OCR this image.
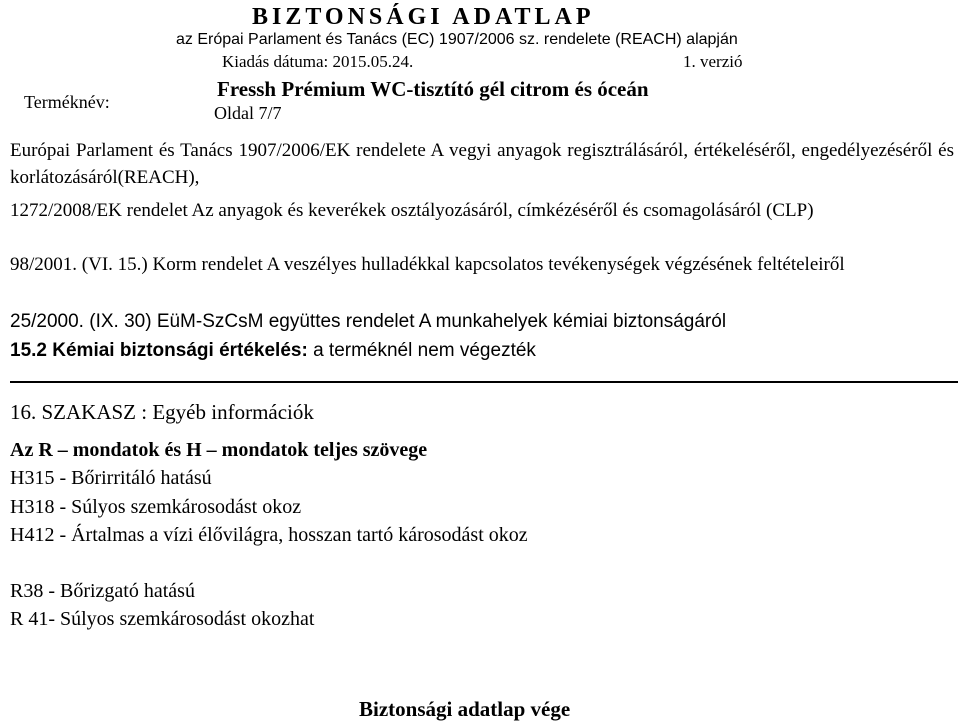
BIZTONSÁGI ADATLAP
az Erópai Parlament és Tanács (EC) 1907/2006 sz. rendelete (REACH) alapján
Kiadás dátuma: 2015.05.24.	1. verzió
Terméknév:
Fressh Prémium WC-tisztító gél citrom és óceán
Oldal 7/7
Európai Parlament és Tanács 1907/2006/EK rendelete A vegyi anyagok regisztrálásáról, értékeléséről, engedélyezéséről és korlátozásáról(REACH),
1272/2008/EK rendelet Az anyagok és keverékek osztályozásáról, címkézéséről és csomagolásáról (CLP)
98/2001. (VI. 15.) Korm rendelet A veszélyes hulladékkal kapcsolatos tevékenységek végzésének feltételeiről
25/2000. (IX. 30) EüM-SzCsM együttes rendelet A munkahelyek kémiai biztonságáról
15.2 Kémiai biztonsági értékelés: a terméknél nem végezték
16. SZAKASZ : Egyéb információk
Az R – mondatok és H – mondatok teljes szövege
H315 - Bőrirritáló hatású
H318 - Súlyos szemkárosodást okoz
H412 - Ártalmas a vízi élővilágra, hosszan tartó károsodást okoz
R38 - Bőrizgató hatású
R 41- Súlyos szemkárosodást okozhat
Biztonsági adatlap vége
